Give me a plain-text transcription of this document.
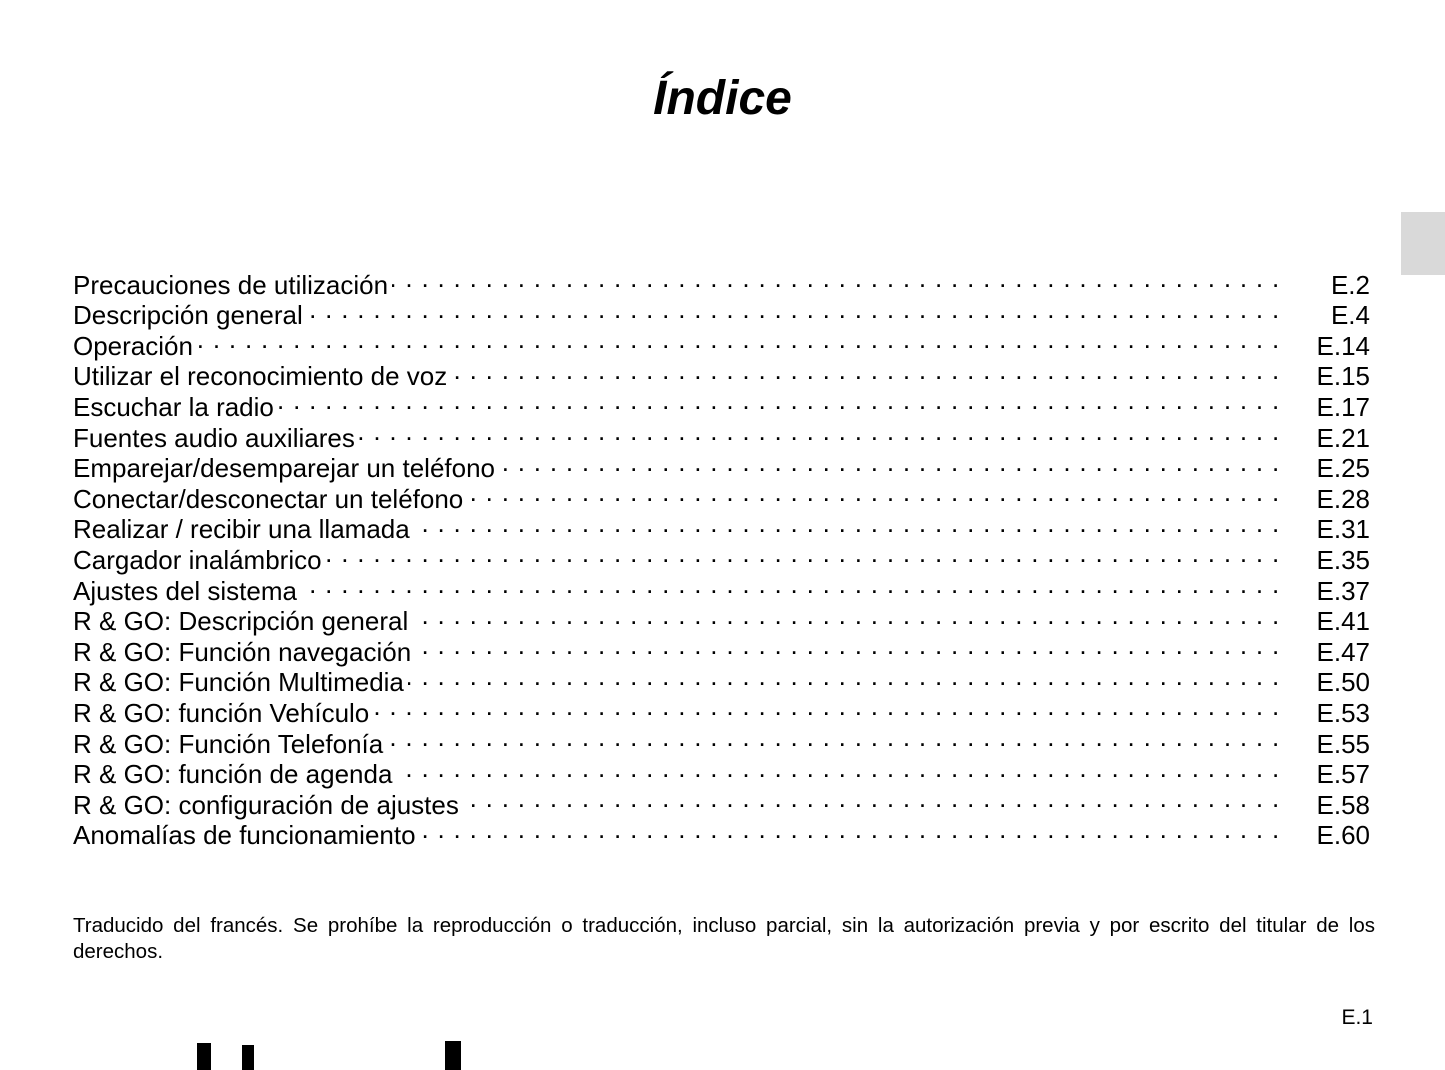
Índice
Precauciones de utilización . . .	E.2
Descripción general . . .	E.4
Operación . . .	E.14
Utilizar el reconocimiento de voz . . .	E.15
Escuchar la radio . . .	E.17
Fuentes audio auxiliares . . .	E.21
Emparejar/desemparejar un teléfono . . .	E.25
Conectar/desconectar un teléfono . . .	E.28
Realizar / recibir una llamada . . .	E.31
Cargador inalámbrico . . .	E.35
Ajustes del sistema . . .	E.37
R & GO: Descripción general . . .	E.41
R & GO: Función navegación . . .	E.47
R & GO: Función Multimedia . . .	E.50
R & GO: función Vehículo . . .	E.53
R & GO: Función Telefonía . . .	E.55
R & GO: función de agenda . . .	E.57
R & GO: configuración de ajustes . . .	E.58
Anomalías de funcionamiento . . .	E.60
Traducido del francés. Se prohíbe la reproducción o traducción, incluso parcial, sin la autorización previa y por escrito del titular de los derechos.
E.1
